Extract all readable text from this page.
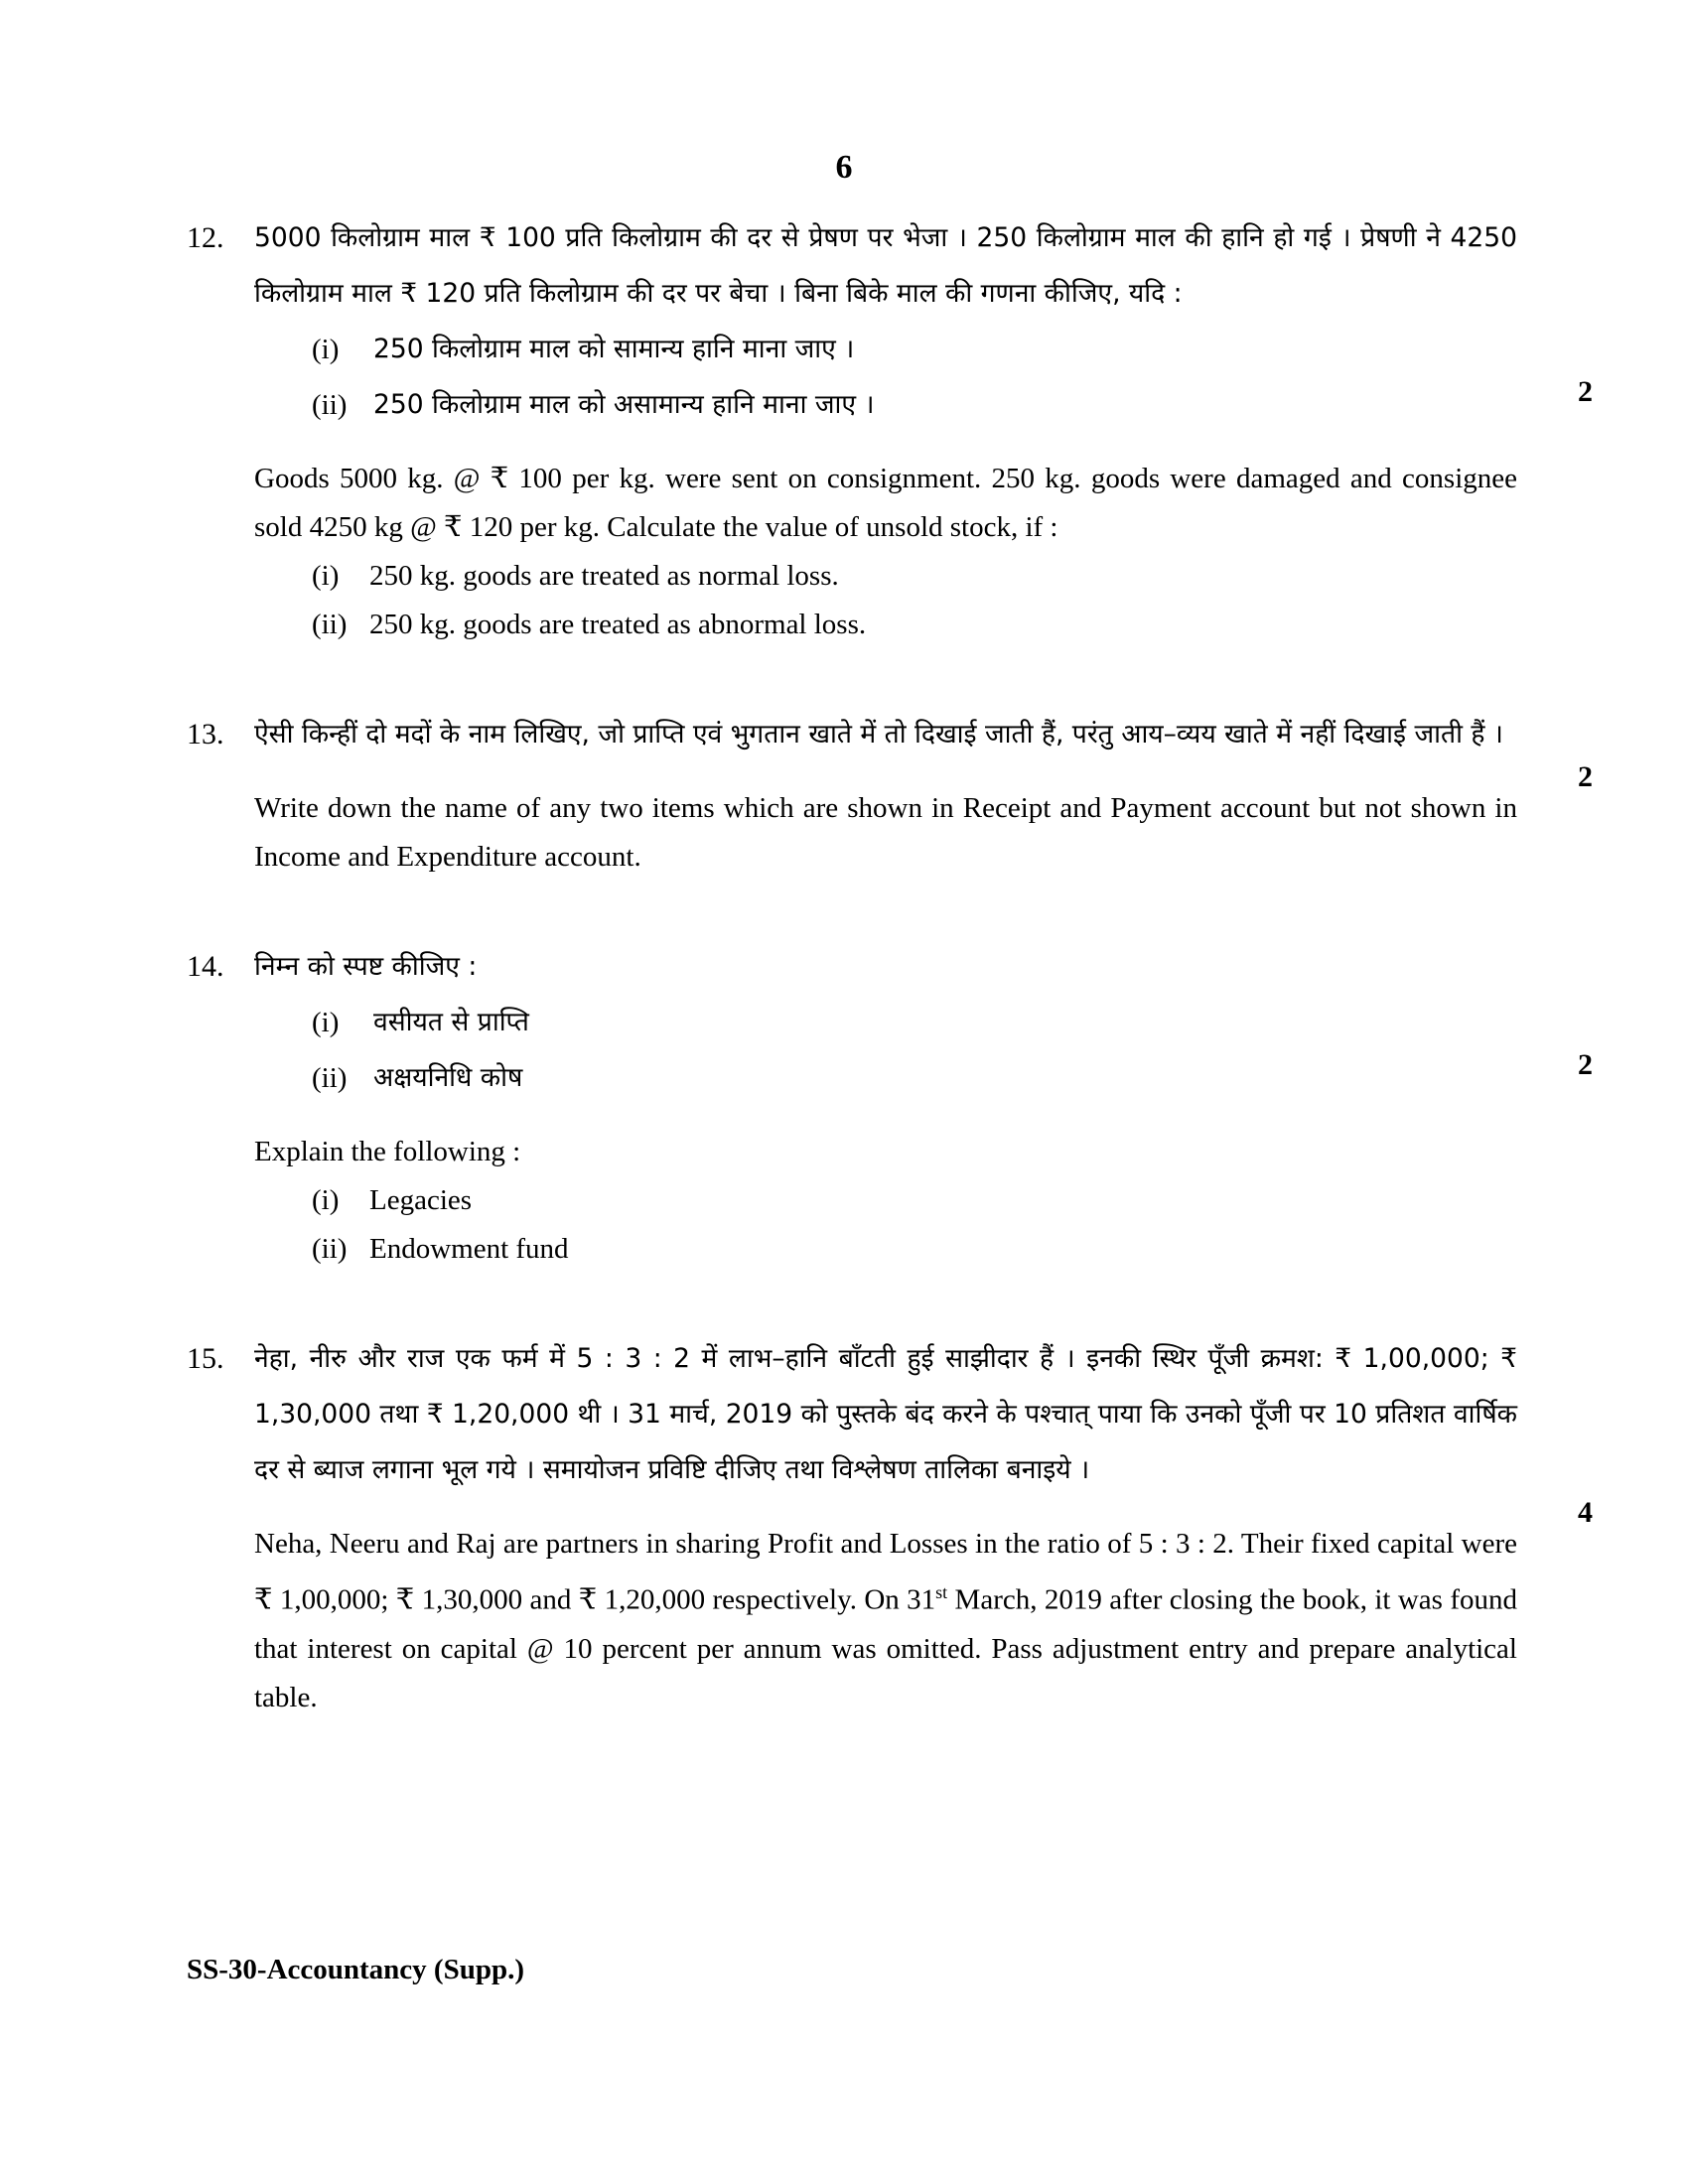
6
12.	5000 किलोग्राम माल ₹ 100 प्रति किलोग्राम की दर से प्रेषण पर भेजा । 250 किलोग्राम माल की हानि हो गई । प्रेषणी ने 4250 किलोग्राम माल ₹ 120 प्रति किलोग्राम की दर पर बेचा । बिना बिके माल की गणना कीजिए, यदि :

(i)	250 किलोग्राम माल को सामान्य हानि माना जाए ।
(ii)	250 किलोग्राम माल को असामान्य हानि माना जाए ।	2

Goods 5000 kg. @ ₹ 100 per kg. were sent on consignment. 250 kg. goods were damaged and consignee sold 4250 kg @ ₹ 120 per kg. Calculate the value of unsold stock, if :

(i)	250 kg. goods are treated as normal loss.
(ii) 250 kg. goods are treated as abnormal loss.
13.	ऐसी किन्हीं दो मदों के नाम लिखिए, जो प्राप्ति एवं भुगतान खाते में तो दिखाई जाती हैं, परंतु आय–व्यय खाते में नहीं दिखाई जाती हैं ।

2

Write down the name of any two items which are shown in Receipt and Payment account but not shown in Income and Expenditure account.

14.	निम्न को स्पष्ट कीजिए :

(i)	वसीयत से प्राप्ति
(ii)	अक्षयनिधि कोष	2

Explain the following :

(i)	Legacies
(ii) Endowment fund
15.	नेहा, नीरु और राज एक फर्म में 5 : 3 : 2 में लाभ–हानि बाँटती हुई साझीदार हैं । इनकी स्थिर पूँजी क्रमश: ₹ 1,00,000; ₹ 1,30,000 तथा ₹ 1,20,000 थी । 31 मार्च, 2019 को पुस्तके बंद करने के पश्चात् पाया कि उनको पूँजी पर 10 प्रतिशत वार्षिक दर से ब्याज लगाना भूल गये । समायोजन प्रविष्टि दीजिए तथा विश्लेषण तालिका बनाइये ।

4

Neha, Neeru and Raj are partners in sharing Profit and Losses in the ratio of 5 : 3 : 2. Their fixed capital were ₹ 1,00,000; ₹ 1,30,000 and ₹ 1,20,000 respectively. On 31st March, 2019 after closing the book, it was found that interest on capital @ 10 percent per annum was omitted. Pass adjustment entry and prepare analytical table.

SS-30-Accountancy (Supp.)
